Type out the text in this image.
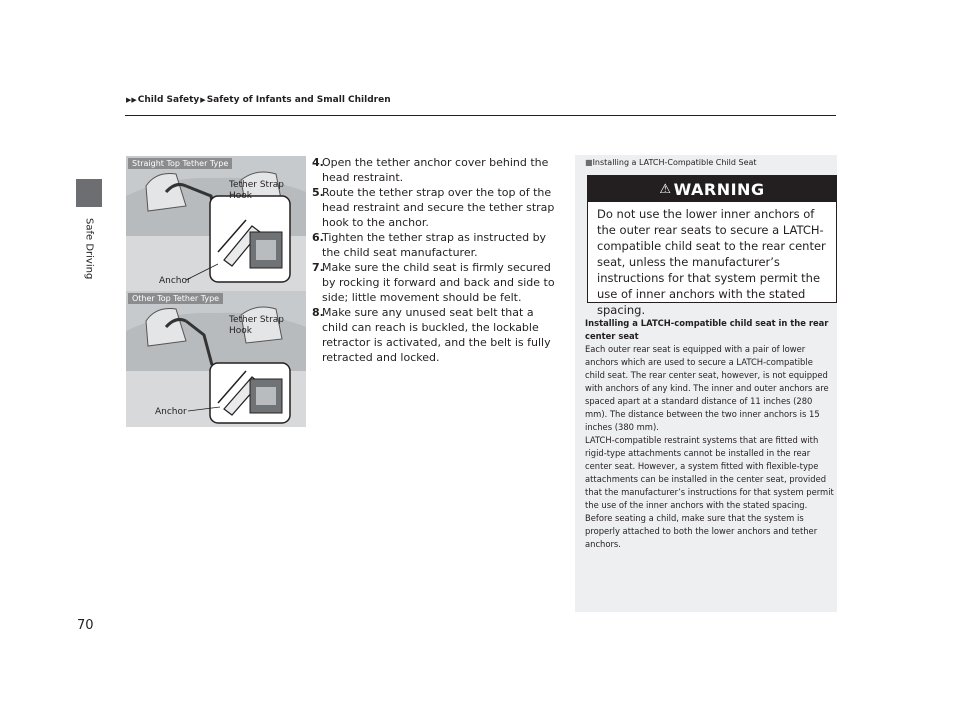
Safe Driving
▶▶ Child Safety ▶ Safety of Infants and Small Children
Straight Top Tether Type
Tether Strap
Hook
Anchor
Other Top Tether Type
Tether Strap
Hook
Anchor
4.
Open the tether anchor cover behind the head restraint.
5.
Route the tether strap over the top of the head restraint and secure the tether strap hook to the anchor.
6.
Tighten the tether strap as instructed by the child seat manufacturer.
7.
Make sure the child seat is firmly secured by rocking it forward and back and side to side; little movement should be felt.
8.
Make sure any unused seat belt that a child can reach is buckled, the lockable retractor is activated, and the belt is fully retracted and locked.
■Installing a LATCH-Compatible Child Seat
⚠ WARNING
Do not use the lower inner anchors of the outer rear seats to secure a LATCH-compatible child seat to the rear center seat, unless the manufacturer’s instructions for that system permit the use of inner anchors with the stated spacing.
Installing a LATCH-compatible child seat in the rear center seat
Each outer rear seat is equipped with a pair of lower anchors which are used to secure a LATCH-compatible child seat. The rear center seat, however, is not equipped with anchors of any kind. The inner and outer anchors are spaced apart at a standard distance of 11 inches (280 mm). The distance between the two inner anchors is 15 inches (380 mm).
LATCH-compatible restraint systems that are fitted with rigid-type attachments cannot be installed in the rear center seat. However, a system fitted with flexible-type attachments can be installed in the center seat, provided that the manufacturer’s instructions for that system permit the use of the inner anchors with the stated spacing.
Before seating a child, make sure that the system is properly attached to both the lower anchors and tether anchors.
70
